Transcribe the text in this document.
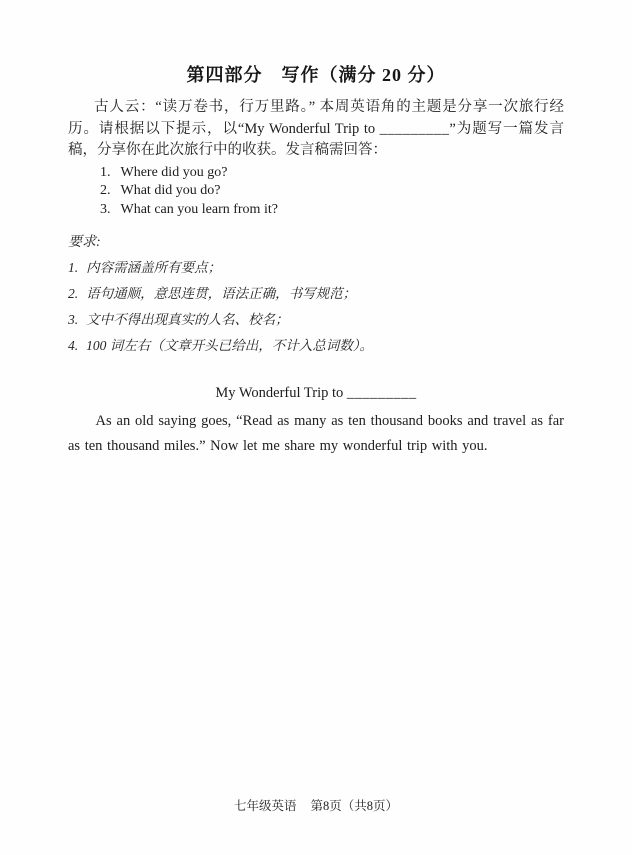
第四部分　写作（满分 20 分）

古人云：“读万卷书，行万里路。” 本周英语角的主题是分享一次旅行经历。请根据以下提示，以“My Wonderful Trip to _________”为题写一篇发言稿，分享你在此次旅行中的收获。发言稿需回答：

1. Where did you go?
2. What did you do?
3. What can you learn from it?

要求:

1. 内容需涵盖所有要点；
2. 语句通顺，意思连贯，语法正确，书写规范；
3. 文中不得出现真实的人名、校名；
4. 100 词左右（文章开头已给出，不计入总词数）。
My Wonderful Trip to _________

As an old saying goes, “Read as many as ten thousand books and travel as far as ten thousand miles.” Now let me share my wonderful trip with you.

七年级英语 第8页（共8页）
